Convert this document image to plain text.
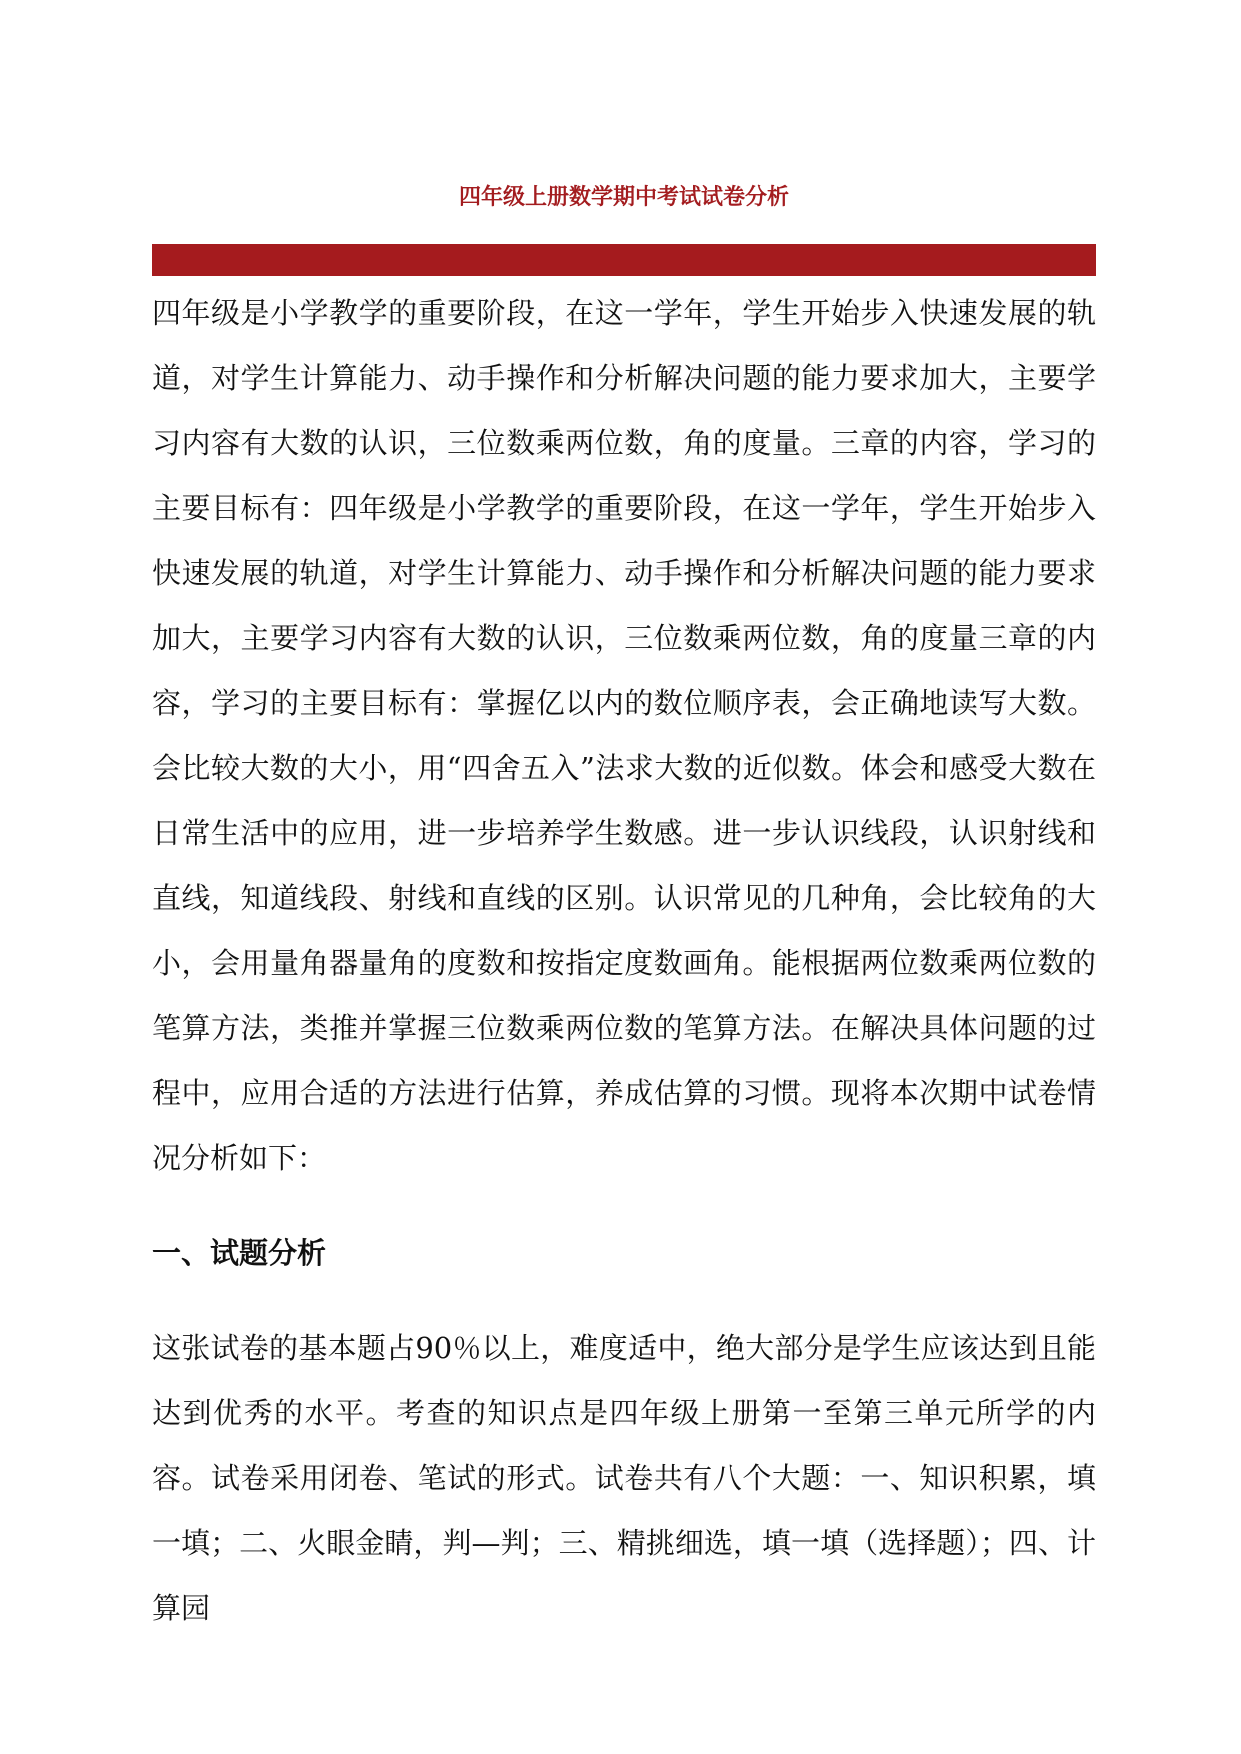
四年级上册数学期中考试试卷分析

四年级是小学教学的重要阶段，在这一学年，学生开始步入快速发展的轨道，对学生计算能力、动手操作和分析解决问题的能力要求加大，主要学习内容有大数的认识，三位数乘两位数，角的度量。三章的内容，学习的主要目标有：四年级是小学教学的重要阶段，在这一学年，学生开始步入快速发展的轨道，对学生计算能力、动手操作和分析解决问题的能力要求加大，主要学习内容有大数的认识，三位数乘两位数，角的度量三章的内容，学习的主要目标有：掌握亿以内的数位顺序表，会正确地读写大数。会比较大数的大小，用“四舍五入”法求大数的近似数。体会和感受大数在日常生活中的应用，进一步培养学生数感。进一步认识线段，认识射线和直线，知道线段、射线和直线的区别。认识常见的几种角，会比较角的大小，会用量角器量角的度数和按指定度数画角。能根据两位数乘两位数的笔算方法，类推并掌握三位数乘两位数的笔算方法。在解决具体问题的过程中，应用合适的方法进行估算，养成估算的习惯。现将本次期中试卷情况分析如下：

一、试题分析

这张试卷的基本题占90％以上，难度适中，绝大部分是学生应该达到且能达到优秀的水平。考查的知识点是四年级上册第一至第三单元所学的内容。试卷采用闭卷、笔试的形式。试卷共有八个大题：一、知识积累，填一填；二、火眼金睛，判—判；三、精挑细选，填一填（选择题）；四、计算园
